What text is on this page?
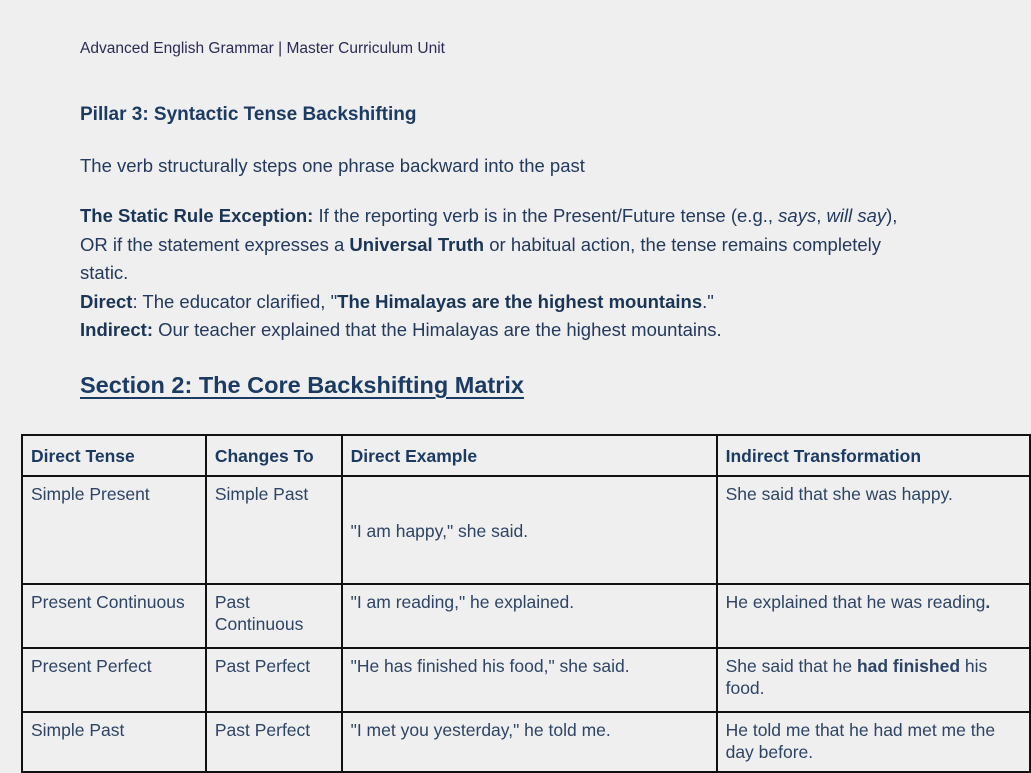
Advanced English Grammar | Master Curriculum Unit
Pillar 3: Syntactic Tense Backshifting
The verb structurally steps one phrase backward into the past
The Static Rule Exception: If the reporting verb is in the Present/Future tense (e.g., says, will say), OR if the statement expresses a Universal Truth or habitual action, the tense remains completely static.
Direct: The educator clarified, "The Himalayas are the highest mountains."
Indirect: Our teacher explained that the Himalayas are the highest mountains.
Section 2: The Core Backshifting Matrix
Direct Tense	Changes To	Direct Example	Indirect Transformation
Simple Present	Simple Past	"I am happy," she said.	She said that she was happy.
Present Continuous	Past Continuous	"I am reading," he explained.	He explained that he was reading.
Present Perfect	Past Perfect	"He has finished his food," she said.	She said that he had finished his food.
Simple Past	Past Perfect	"I met you yesterday," he told me.	He told me that he had met me the day before.
